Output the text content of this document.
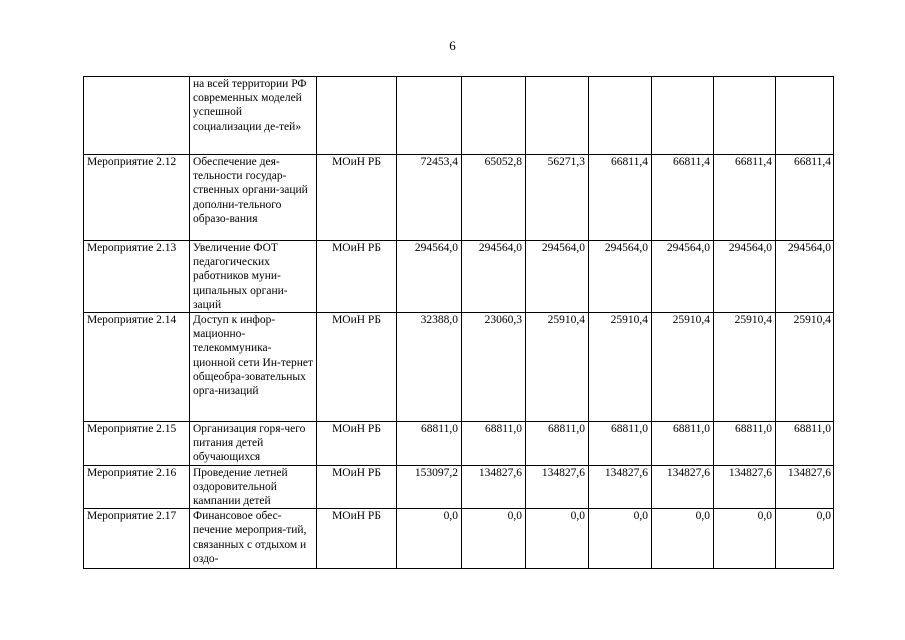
6
	на всей территории РФ современных моделей успешной социализации де-тей»								
Мероприятие 2.12	Обеспечение дея-тельности государ-ственных органи-заций дополни-тельного образо-вания	МОиН РБ	72453,4	65052,8	56271,3	66811,4	66811,4	66811,4	66811,4
Мероприятие 2.13	Увеличение ФОТ педагогических работников муни-ципальных органи-заций	МОиН РБ	294564,0	294564,0	294564,0	294564,0	294564,0	294564,0	294564,0
Мероприятие 2.14	Доступ к инфор-мационно-телекоммуника-ционной сети Ин-тернет общеобра-зовательных орга-низаций	МОиН РБ	32388,0	23060,3	25910,4	25910,4	25910,4	25910,4	25910,4
Мероприятие 2.15	Организация горя-чего питания детей обучающихся	МОиН РБ	68811,0	68811,0	68811,0	68811,0	68811,0	68811,0	68811,0
Мероприятие 2.16	Проведение летней оздоровительной кампании детей	МОиН РБ	153097,2	134827,6	134827,6	134827,6	134827,6	134827,6	134827,6
Мероприятие 2.17	Финансовое обес-печение мероприя-тий, связанных с отдыхом и оздо-	МОиН РБ	0,0	0,0	0,0	0,0	0,0	0,0	0,0
